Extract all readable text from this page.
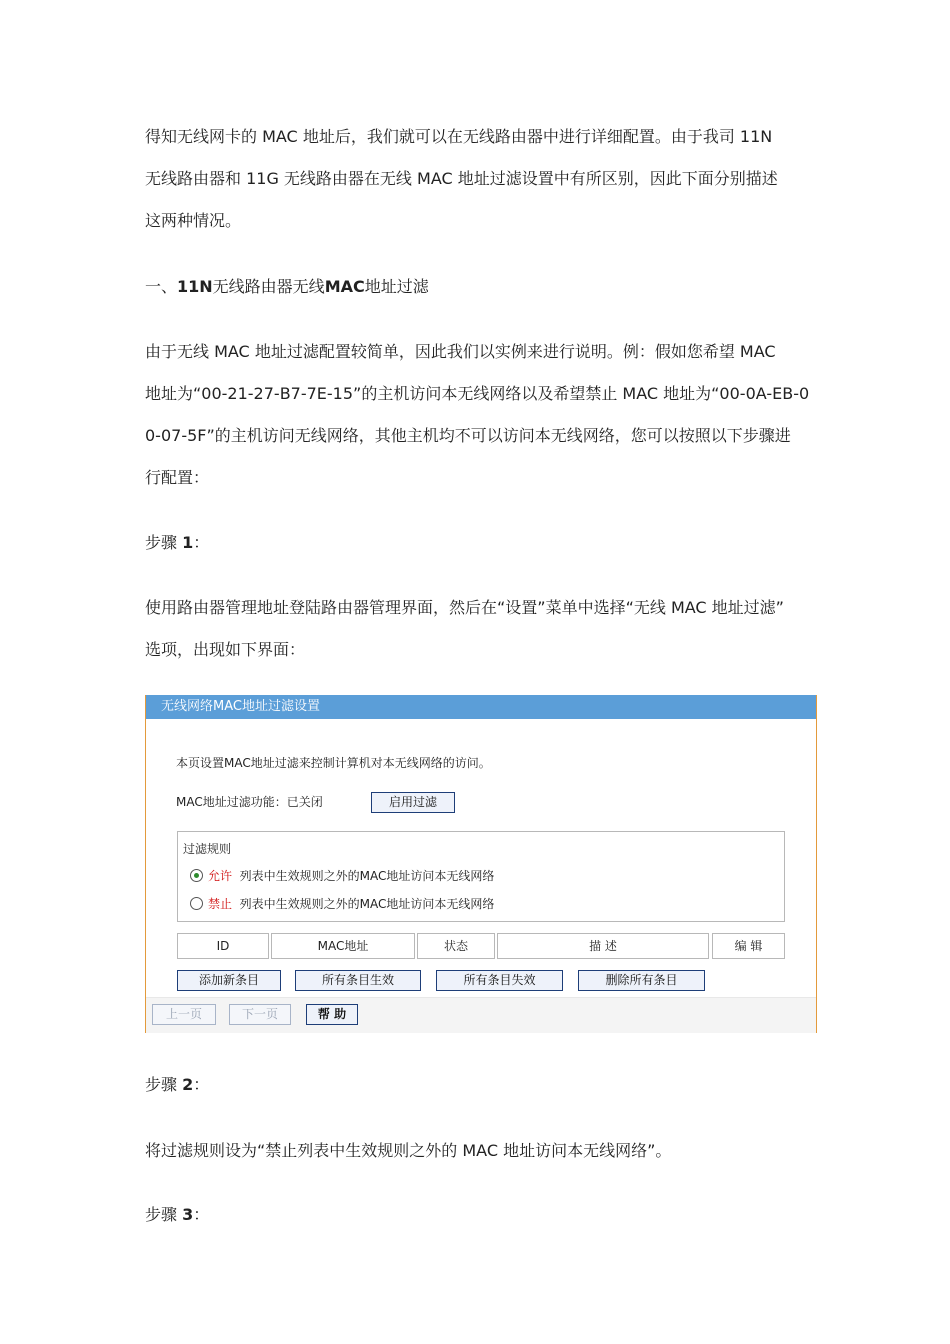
得知无线网卡的 MAC 地址后，我们就可以在无线路由器中进行详细配置。由于我司 11N
无线路由器和 11G 无线路由器在无线 MAC 地址过滤设置中有所区别，因此下面分别描述
这两种情况。
一、11N无线路由器无线MAC地址过滤
由于无线 MAC 地址过滤配置较简单，因此我们以实例来进行说明。例：假如您希望 MAC
地址为“00-21-27-B7-7E-15”的主机访问本无线网络以及希望禁止 MAC 地址为“00-0A-EB-0
0-07-5F”的主机访问无线网络，其他主机均不可以访问本无线网络，您可以按照以下步骤进
行配置：
步骤 1：
使用路由器管理地址登陆路由器管理界面，然后在“设置”菜单中选择“无线 MAC 地址过滤”
选项，出现如下界面：
无线网络MAC地址过滤设置
本页设置MAC地址过滤来控制计算机对本无线网络的访问。
MAC地址过滤功能：已关闭	启用过滤
过滤规则
允许 列表中生效规则之外的MAC地址访问本无线网络
禁止 列表中生效规则之外的MAC地址访问本无线网络
ID	MAC地址	状态	描 述	编 辑
添加新条目	所有条目生效	所有条目失效	删除所有条目
上一页	下一页	帮 助
步骤 2：
将过滤规则设为“禁止列表中生效规则之外的 MAC 地址访问本无线网络”。
步骤 3：
